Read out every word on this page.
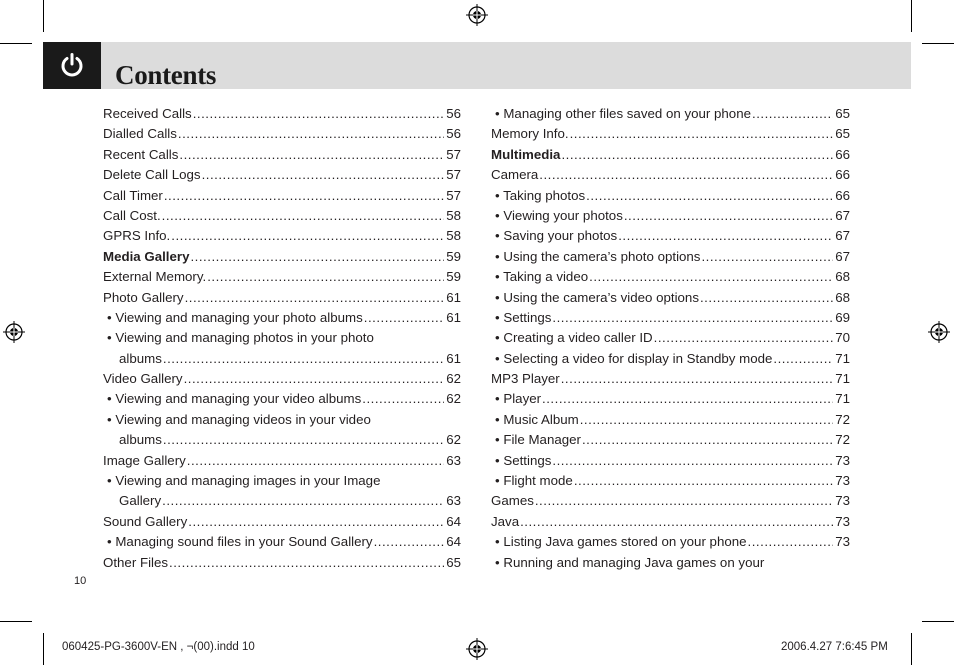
Contents
Received Calls .....	56
Dialled Calls .....	56
Recent Calls .....	57
Delete Call Logs .....	57
Call Timer .....	57
Call Cost. .....	58
GPRS Info. .....	58
Media Gallery .....	59
External Memory. .....	59
Photo Gallery .....	61
• Viewing and managing your photo albums .....	61
• Viewing and managing photos in your photo
albums .....	61
Video Gallery .....	62
• Viewing and managing your video albums .....	62
• Viewing and managing videos in your video
albums .....	62
Image Gallery .....	63
• Viewing and managing images in your Image
Gallery .....	63
Sound Gallery .....	64
• Managing sound files in your Sound Gallery .....	64
Other Files .....	65
• Managing other files saved on your phone .....	65
Memory Info. .....	65
Multimedia .....	66
Camera .....	66
• Taking photos .....	66
• Viewing your photos .....	67
• Saving your photos .....	67
• Using the camera’s photo options .....	67
• Taking a video .....	68
• Using the camera’s video options .....	68
• Settings .....	69
• Creating a video caller ID .....	70
• Selecting a video for display in Standby mode .....	71
MP3 Player .....	71
• Player .....	71
• Music Album .....	72
• File Manager .....	72
• Settings .....	73
• Flight mode .....	73
Games .....	73
Java .....	73
• Listing Java games stored on your phone .....	73
• Running and managing Java games on your
10
060425-PG-3600V-EN , ¬(00).indd 10	2006.4.27 7:6:45 PM
